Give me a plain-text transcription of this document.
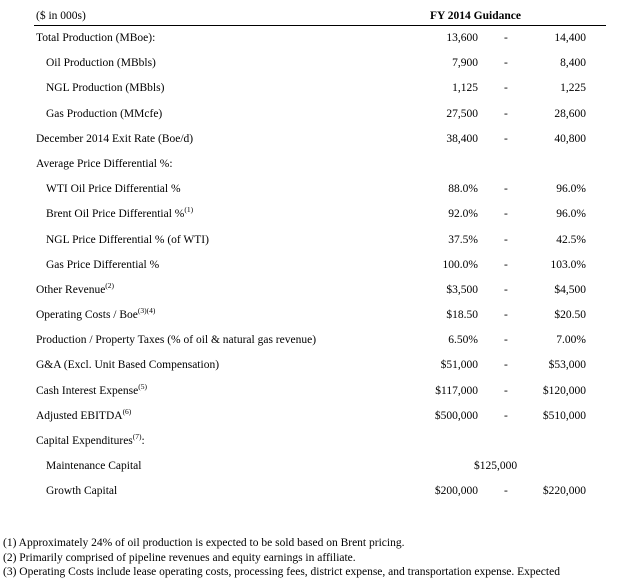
($ in 000s)	FY 2014 Guidance
Total Production (MBoe):	13,600 -	14,400
Oil Production (MBbls)	7,900 -	8,400
NGL Production (MBbls)	1,125 -	1,225
Gas Production (MMcfe)	27,500 -	28,600
December 2014 Exit Rate (Boe/d)	38,400 -	40,800
Average Price Differential %:
WTI Oil Price Differential %	88.0% -	96.0%
Brent Oil Price Differential %$^{(1)}$	92.0% -	96.0%
NGL Price Differential % (of WTI)	37.5% -	42.5%
Gas Price Differential %	100.0% -	103.0%
Other Revenue$^{(2)}$	$3,500 -	$4,500
Operating Costs / Boe$^{(3)(4)}$	$18.50 -	$20.50
Production / Property Taxes (% of oil & natural gas revenue)	6.50% -	7.00%
G&A (Excl. Unit Based Compensation)	$51,000 -	$53,000
Cash Interest Expense$^{(5)}$	$117,000 -	$120,000
Adjusted EBITDA$^{(6)}$	$500,000 -	$510,000
Capital Expenditures$^{(7)}$:
Maintenance Capital	$125,000
Growth Capital	$200,000 -	$220,000
(1) Approximately 24% of oil production is expected to be sold based on Brent pricing.
(2) Primarily comprised of pipeline revenues and equity earnings in affiliate.
(3) Operating Costs include lease operating costs, processing fees, district expense, and transportation expense. Expected
